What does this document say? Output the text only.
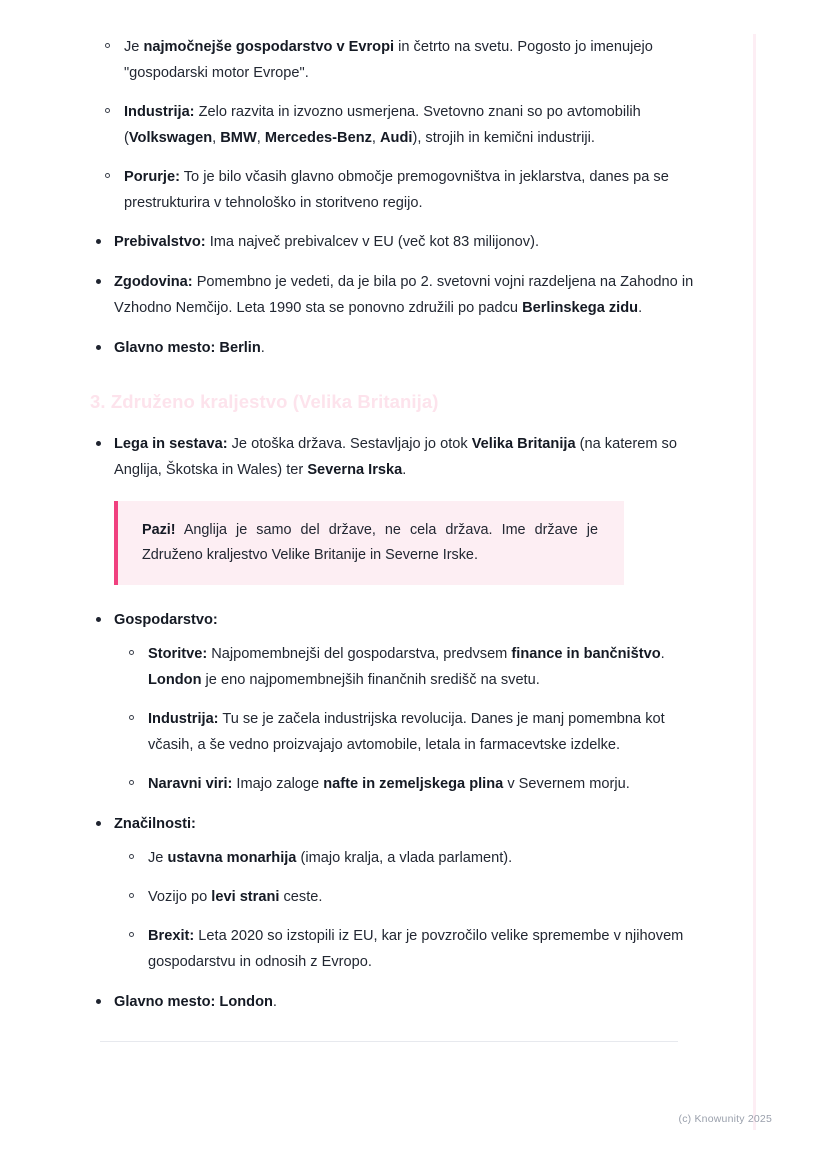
Je najmočnejše gospodarstvo v Evropi in četrto na svetu. Pogosto jo imenujejo "gospodarski motor Evrope".
Industrija: Zelo razvita in izvozno usmerjena. Svetovno znani so po avtomobilih (Volkswagen, BMW, Mercedes-Benz, Audi), strojih in kemični industriji.
Porurje: To je bilo včasih glavno območje premogovništva in jeklarstva, danes pa se prestrukturira v tehnološko in storitveno regijo.
Prebivalstvo: Ima največ prebivalcev v EU (več kot 83 milijonov).
Zgodovina: Pomembno je vedeti, da je bila po 2. svetovni vojni razdeljena na Zahodno in Vzhodno Nemčijo. Leta 1990 sta se ponovno združili po padcu Berlinskega zidu.
Glavno mesto: Berlin.
3. Združeno kraljestvo (Velika Britanija)
Lega in sestava: Je otoška država. Sestavljajo jo otok Velika Britanija (na katerem so Anglija, Škotska in Wales) ter Severna Irska.
Pazi! Anglija je samo del države, ne cela država. Ime države je Združeno kraljestvo Velike Britanije in Severne Irske.
Gospodarstvo:
Storitve: Najpomembnejši del gospodarstva, predvsem finance in bančništvo. London je eno najpomembnejših finančnih središč na svetu.
Industrija: Tu se je začela industrijska revolucija. Danes je manj pomembna kot včasih, a še vedno proizvajajo avtomobile, letala in farmacevtske izdelke.
Naravni viri: Imajo zaloge nafte in zemeljskega plina v Severnem morju.
Značilnosti:
Je ustavna monarhija (imajo kralja, a vlada parlament).
Vozijo po levi strani ceste.
Brexit: Leta 2020 so izstopili iz EU, kar je povzročilo velike spremembe v njihovem gospodarstvu in odnosih z Evropo.
Glavno mesto: London.
(c) Knowunity 2025
